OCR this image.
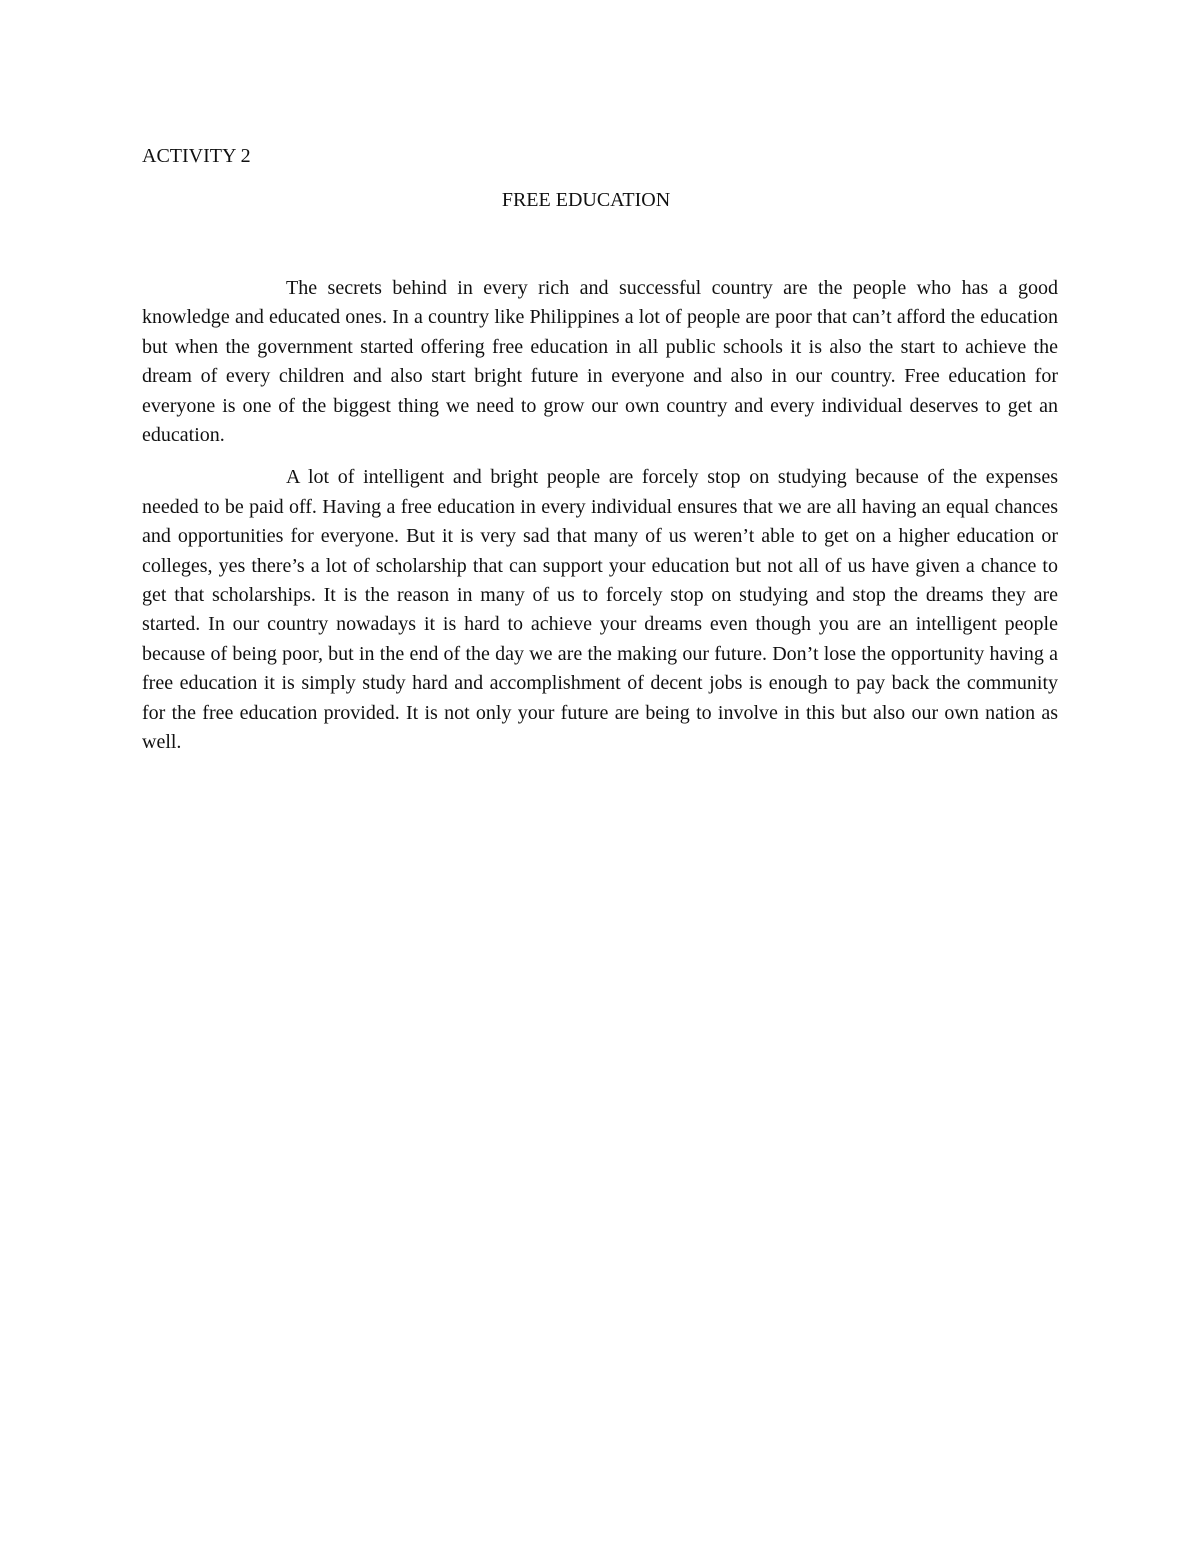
ACTIVITY 2

FREE EDUCATION

The secrets behind in every rich and successful country are the people who has a good knowledge and educated ones. In a country like Philippines a lot of people are poor that can’t afford the education but when the government started offering free education in all public schools it is also the start to achieve the dream of every children and also start bright future in everyone and also in our country. Free education for everyone is one of the biggest thing we need to grow our own country and every individual deserves to get an education.

A lot of intelligent and bright people are forcely stop on studying because of the expenses needed to be paid off. Having a free education in every individual ensures that we are all having an equal chances and opportunities for everyone. But it is very sad that many of us weren’t able to get on a higher education or colleges, yes there’s a lot of scholarship that can support your education but not all of us have given a chance to get that scholarships. It is the reason in many of us to forcely stop on studying and stop the dreams they are started. In our country nowadays it is hard to achieve your dreams even though you are an intelligent people because of being poor, but in the end of the day we are the making our future. Don’t lose the opportunity having a free education it is simply study hard and accomplishment of decent jobs is enough to pay back the community for the free education provided. It is not only your future are being to involve in this but also our own nation as well.
